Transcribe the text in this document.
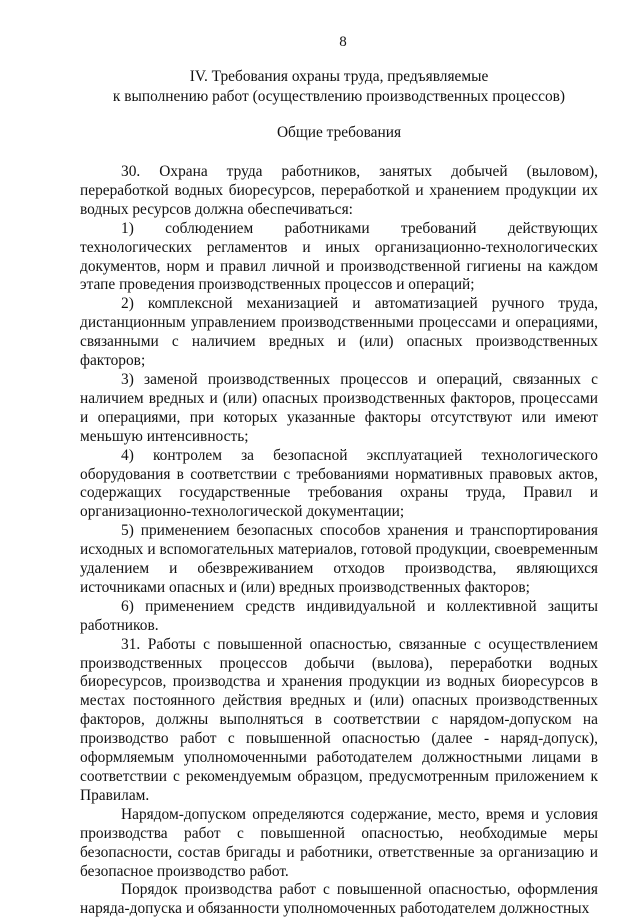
8
IV. Требования охраны труда, предъявляемые
к выполнению работ (осуществлению производственных процессов)
Общие требования

30. Охрана труда работников, занятых добычей (выловом), переработкой водных биоресурсов, переработкой и хранением продукции их водных ресурсов должна обеспечиваться:

1) соблюдением работниками требований действующих технологических регламентов и иных организационно-технологических документов, норм и правил личной и производственной гигиены на каждом этапе проведения производственных процессов и операций;

2) комплексной механизацией и автоматизацией ручного труда, дистанционным управлением производственными процессами и операциями, связанными с наличием вредных и (или) опасных производственных факторов;

3) заменой производственных процессов и операций, связанных с наличием вредных и (или) опасных производственных факторов, процессами и операциями, при которых указанные факторы отсутствуют или имеют меньшую интенсивность;

4) контролем за безопасной эксплуатацией технологического оборудования в соответствии с требованиями нормативных правовых актов, содержащих государственные требования охраны труда, Правил и организационно-технологической документации;

5) применением безопасных способов хранения и транспортирования исходных и вспомогательных материалов, готовой продукции, своевременным удалением и обезвреживанием отходов производства, являющихся источниками опасных и (или) вредных производственных факторов;

6) применением средств индивидуальной и коллективной защиты работников.

31. Работы с повышенной опасностью, связанные с осуществлением производственных процессов добычи (вылова), переработки водных биоресурсов, производства и хранения продукции из водных биоресурсов в местах постоянного действия вредных и (или) опасных производственных факторов, должны выполняться в соответствии с нарядом-допуском на производство работ с повышенной опасностью (далее - наряд-допуск), оформляемым уполномоченными работодателем должностными лицами в соответствии с рекомендуемым образцом, предусмотренным приложением к Правилам.

Нарядом-допуском определяются содержание, место, время и условия производства работ с повышенной опасностью, необходимые меры безопасности, состав бригады и работники, ответственные за организацию и безопасное производство работ.

Порядок производства работ с повышенной опасностью, оформления наряда-допуска и обязанности уполномоченных работодателем должностных
